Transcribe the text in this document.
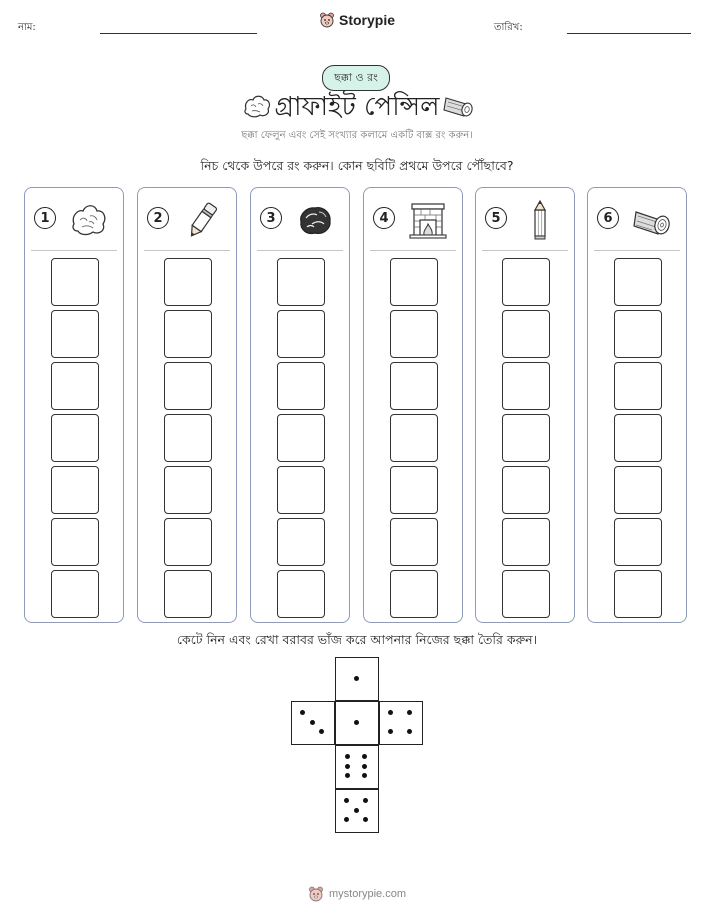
নাম:	Storypie	তারিখ:
ছক্কা ও রং
গ্রাফাইট পেন্সিল
ছক্কা ফেলুন এবং সেই সংখ্যার কলামে একটি বাক্স রং করুন।
নিচ থেকে উপরে রং করুন। কোন ছবিটি প্রথমে উপরে পৌঁছাবে?
1	2	3	4	5	6
কেটে নিন এবং রেখা বরাবর ভাঁজ করে আপনার নিজের ছক্কা তৈরি করুন।
mystorypie.com
